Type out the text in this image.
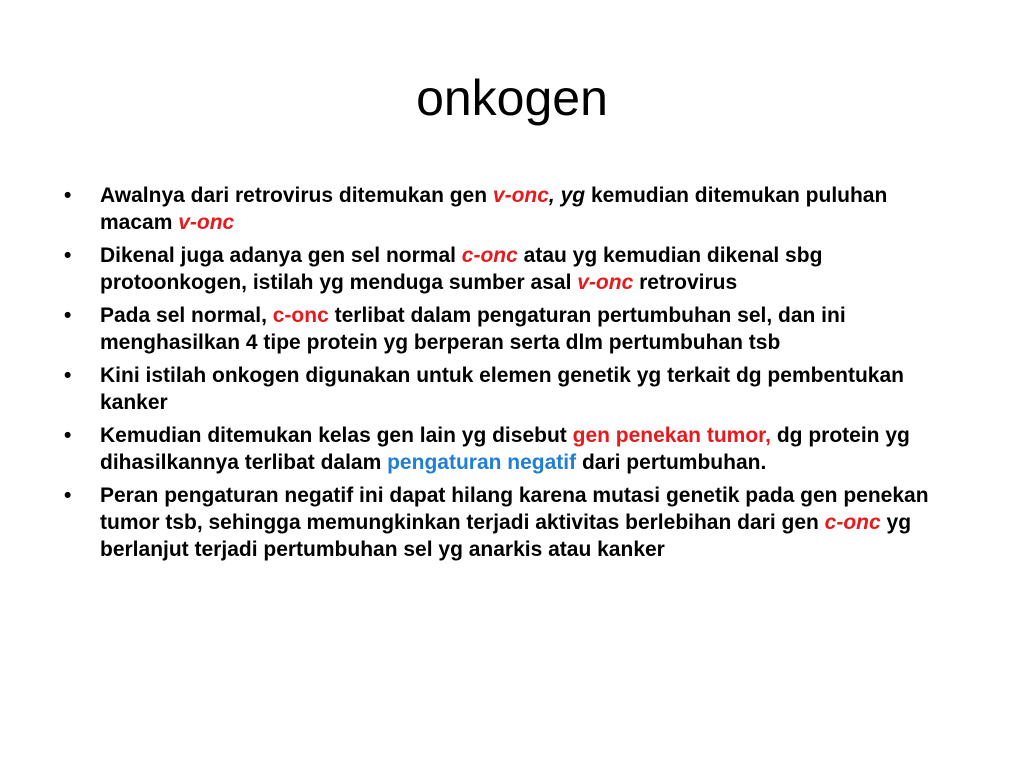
onkogen
• Awalnya dari retrovirus ditemukan gen v-onc, yg kemudian ditemukan puluhan macam v-onc
• Dikenal juga adanya gen sel normal c-onc atau yg kemudian dikenal sbg protoonkogen, istilah yg menduga sumber asal v-onc retrovirus
• Pada sel normal, c-onc terlibat dalam pengaturan pertumbuhan sel, dan ini menghasilkan 4 tipe protein yg berperan serta dlm pertumbuhan tsb
• Kini istilah onkogen digunakan untuk elemen genetik yg terkait dg pembentukan kanker
• Kemudian ditemukan kelas gen lain yg disebut gen penekan tumor, dg protein yg dihasilkannya terlibat dalam pengaturan negatif dari pertumbuhan.
• Peran pengaturan negatif ini dapat hilang karena mutasi genetik pada gen penekan tumor tsb, sehingga memungkinkan terjadi aktivitas berlebihan dari gen c-onc yg berlanjut terjadi pertumbuhan sel yg anarkis atau kanker
